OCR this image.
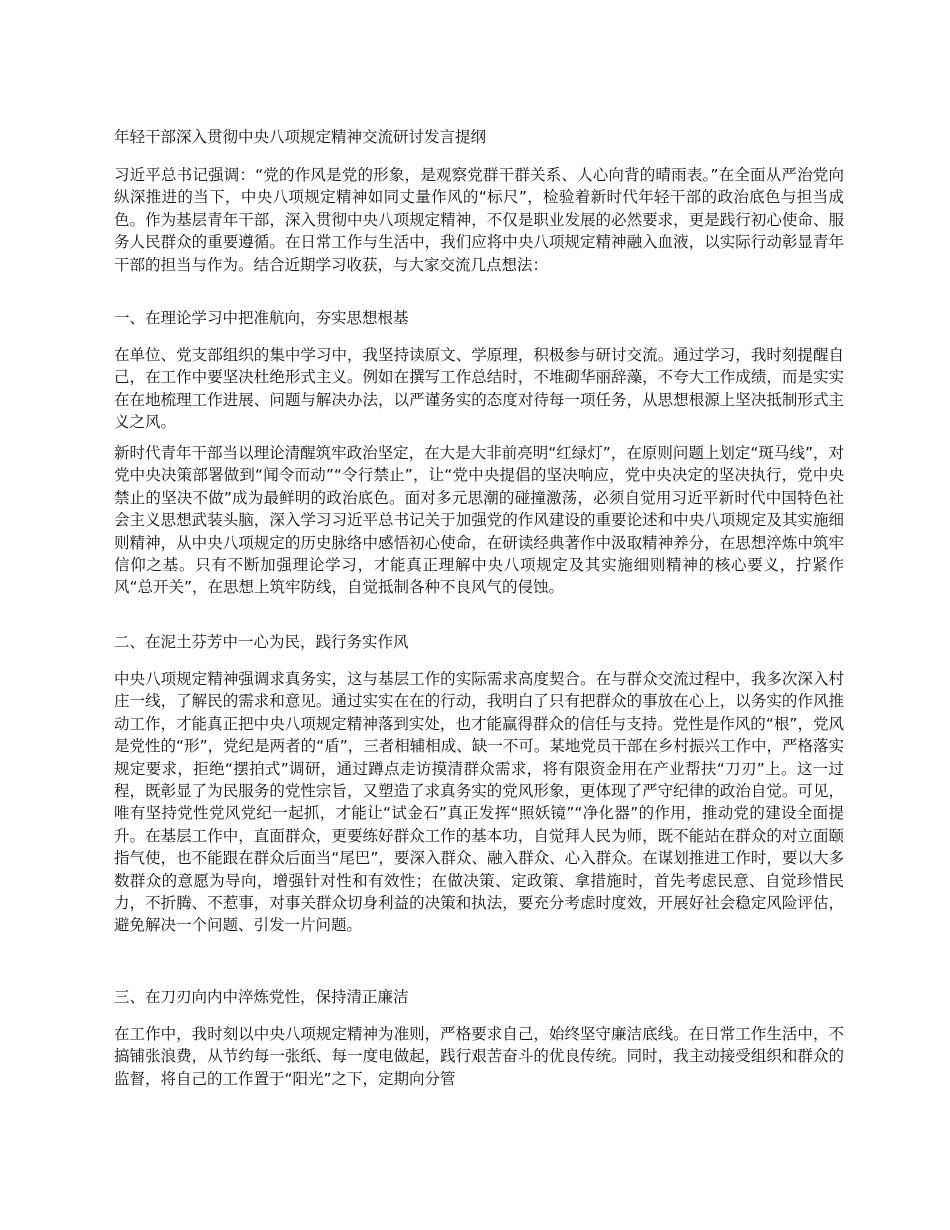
年轻干部深入贯彻中央八项规定精神交流研讨发言提纲

习近平总书记强调：“党的作风是党的形象，是观察党群干群关系、人心向背的晴雨表。”在全面从严治党向纵深推进的当下，中央八项规定精神如同丈量作风的“标尺”，检验着新时代年轻干部的政治底色与担当成色。作为基层青年干部，深入贯彻中央八项规定精神，不仅是职业发展的必然要求，更是践行初心使命、服务人民群众的重要遵循。在日常工作与生活中，我们应将中央八项规定精神融入血液，以实际行动彰显青年干部的担当与作为。结合近期学习收获，与大家交流几点想法：

一、在理论学习中把准航向，夯实思想根基

在单位、党支部组织的集中学习中，我坚持读原文、学原理，积极参与研讨交流。通过学习，我时刻提醒自己，在工作中要坚决杜绝形式主义。例如在撰写工作总结时，不堆砌华丽辞藻，不夸大工作成绩，而是实实在在地梳理工作进展、问题与解决办法，以严谨务实的态度对待每一项任务，从思想根源上坚决抵制形式主义之风。

新时代青年干部当以理论清醒筑牢政治坚定，在大是大非前亮明“红绿灯”，在原则问题上划定“斑马线”，对党中央决策部署做到“闻令而动”“令行禁止”，让“党中央提倡的坚决响应，党中央决定的坚决执行，党中央禁止的坚决不做”成为最鲜明的政治底色。面对多元思潮的碰撞激荡，必须自觉用习近平新时代中国特色社会主义思想武装头脑，深入学习习近平总书记关于加强党的作风建设的重要论述和中央八项规定及其实施细则精神，从中央八项规定的历史脉络中感悟初心使命，在研读经典著作中汲取精神养分，在思想淬炼中筑牢信仰之基。只有不断加强理论学习，才能真正理解中央八项规定及其实施细则精神的核心要义，拧紧作风“总开关”，在思想上筑牢防线，自觉抵制各种不良风气的侵蚀。

二、在泥土芬芳中一心为民，践行务实作风

中央八项规定精神强调求真务实，这与基层工作的实际需求高度契合。在与群众交流过程中，我多次深入村庄一线，了解民的需求和意见。通过实实在在的行动，我明白了只有把群众的事放在心上，以务实的作风推动工作，才能真正把中央八项规定精神落到实处，也才能赢得群众的信任与支持。党性是作风的“根”，党风是党性的“形”，党纪是两者的“盾”，三者相辅相成、缺一不可。某地党员干部在乡村振兴工作中，严格落实规定要求，拒绝“摆拍式”调研，通过蹲点走访摸清群众需求，将有限资金用在产业帮扶“刀刃”上。这一过程，既彰显了为民服务的党性宗旨，又塑造了求真务实的党风形象，更体现了严守纪律的政治自觉。可见，唯有坚持党性党风党纪一起抓，才能让“试金石”真正发挥“照妖镜”“净化器”的作用，推动党的建设全面提升。在基层工作中，直面群众，更要练好群众工作的基本功，自觉拜人民为师，既不能站在群众的对立面颐指气使，也不能跟在群众后面当“尾巴”，要深入群众、融入群众、心入群众。在谋划推进工作时，要以大多数群众的意愿为导向，增强针对性和有效性；在做决策、定政策、拿措施时，首先考虑民意、自觉珍惜民力，不折腾、不惹事，对事关群众切身利益的决策和执法，要充分考虑时度效，开展好社会稳定风险评估，避免解决一个问题、引发一片问题。

三、在刀刃向内中淬炼党性，保持清正廉洁

在工作中，我时刻以中央八项规定精神为准则，严格要求自己，始终坚守廉洁底线。在日常工作生活中，不搞铺张浪费，从节约每一张纸、每一度电做起，践行艰苦奋斗的优良传统。同时，我主动接受组织和群众的监督，将自己的工作置于“阳光”之下，定期向分管
